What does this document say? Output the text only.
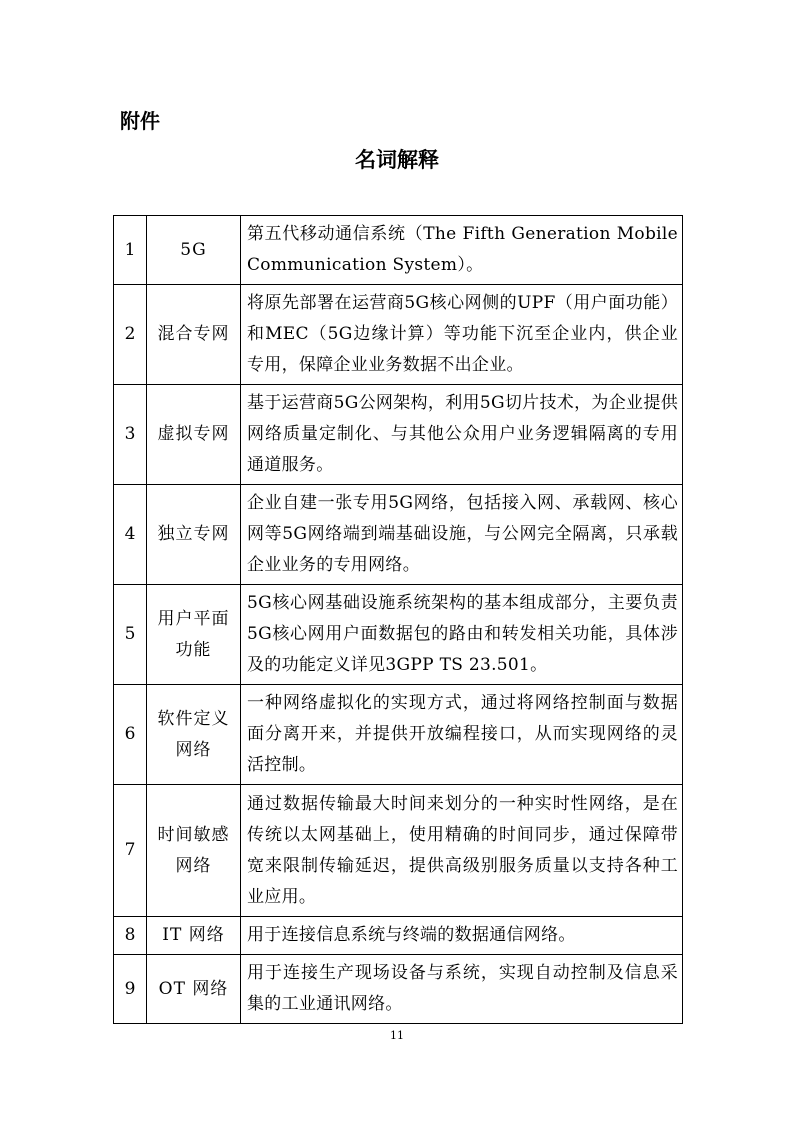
附件
名词解释
1	5G	第五代移动通信系统（The Fifth Generation Mobile Communication System）。
2	混合专网	将原先部署在运营商5G核心网侧的UPF（用户面功能）和MEC（5G边缘计算）等功能下沉至企业内，供企业专用，保障企业业务数据不出企业。
3	虚拟专网	基于运营商5G公网架构，利用5G切片技术，为企业提供网络质量定制化、与其他公众用户业务逻辑隔离的专用通道服务。
4	独立专网	企业自建一张专用5G网络，包括接入网、承载网、核心网等5G网络端到端基础设施，与公网完全隔离，只承载企业业务的专用网络。
5	用户平面功能	5G核心网基础设施系统架构的基本组成部分，主要负责5G核心网用户面数据包的路由和转发相关功能，具体涉及的功能定义详见3GPP TS 23.501。
6	软件定义网络	一种网络虚拟化的实现方式，通过将网络控制面与数据面分离开来，并提供开放编程接口，从而实现网络的灵活控制。
7	时间敏感网络	通过数据传输最大时间来划分的一种实时性网络，是在传统以太网基础上，使用精确的时间同步，通过保障带宽来限制传输延迟，提供高级别服务质量以支持各种工业应用。
8	IT 网络	用于连接信息系统与终端的数据通信网络。
9	OT 网络	用于连接生产现场设备与系统，实现自动控制及信息采集的工业通讯网络。
11
